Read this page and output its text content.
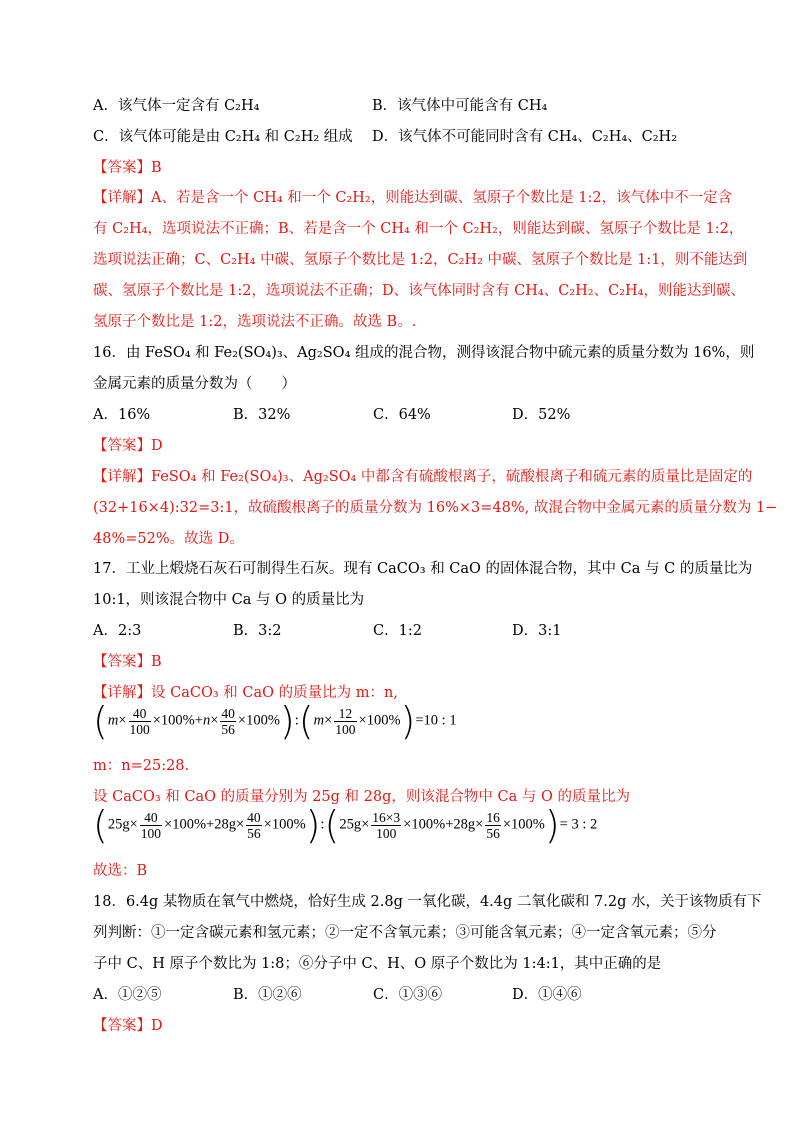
A．该气体一定含有 C₂H₄	B．该气体中可能含有 CH₄
C．该气体可能是由 C₂H₄ 和 C₂H₂ 组成 D．该气体不可能同时含有 CH₄、C₂H₄、C₂H₂
【答案】B
【详解】A、若是含一个 CH₄ 和一个 C₂H₂，则能达到碳、氢原子个数比是 1:2，该气体中不一定含
有 C₂H₄，选项说法不正确；B、若是含一个 CH₄ 和一个 C₂H₂，则能达到碳、氢原子个数比是 1:2，
选项说法正确；C、C₂H₄ 中碳、氢原子个数比是 1:2，C₂H₂ 中碳、氢原子个数比是 1:1，则不能达到
碳、氢原子个数比是 1:2，选项说法不正确；D、该气体同时含有 CH₄、C₂H₂、C₂H₄，则能达到碳、
氢原子个数比是 1:2，选项说法不正确。故选 B。.
16．由 FeSO₄ 和 Fe₂(SO₄)₃、Ag₂SO₄ 组成的混合物，测得该混合物中硫元素的质量分数为 16%，则
金属元素的质量分数为（　　）
A．16%	B．32%	C．64%	D．52%
【答案】D
【详解】FeSO₄ 和 Fe₂(SO₄)₃、Ag₂SO₄ 中都含有硫酸根离子，硫酸根离子和硫元素的质量比是固定的
(32+16×4):32=3:1，故硫酸根离子的质量分数为 16%×3=48%, 故混合物中金属元素的质量分数为 1−
48%=52%。故选 D。
17．工业上煅烧石灰石可制得生石灰。现有 CaCO₃ 和 CaO 的固体混合物，其中 Ca 与 C 的质量比为
10:1，则该混合物中 Ca 与 O 的质量比为
A．2:3	B．3:2	C．1:2	D．3:1
【答案】B
【详解】设 CaCO₃ 和 CaO 的质量比为 m：n,
($m\times \frac{40}{100} \times 100\%+n\times \frac{40}{56}$ ×100%):(m× $\frac{12}{100} \times 100\%)=10$ : 1
m：n=25:28.
设 CaCO₃ 和 CaO 的质量分别为 25g 和 28g，则该混合物中 Ca 与 O 的质量比为
($25g\times \frac{40}{100} \times 100\%+28g\times \frac{40}{56}$ ×100%):(25g× $\frac{16\times 3}{100} \times 100\%+28g\times \frac{16}{56} \times 100\%)= 3$ : 2
故选：B
18．6.4g 某物质在氧气中燃烧，恰好生成 2.8g 一氧化碳，4.4g 二氧化碳和 7.2g 水，关于该物质有下
列判断：①一定含碳元素和氢元素；②一定不含氧元素；③可能含氧元素；④一定含氧元素；⑤分
子中 C、H 原子个数比为 1:8；⑥分子中 C、H、O 原子个数比为 1:4:1，其中正确的是
A．①②⑤	B．①②⑥	C．①③⑥	D．①④⑥
【答案】D
